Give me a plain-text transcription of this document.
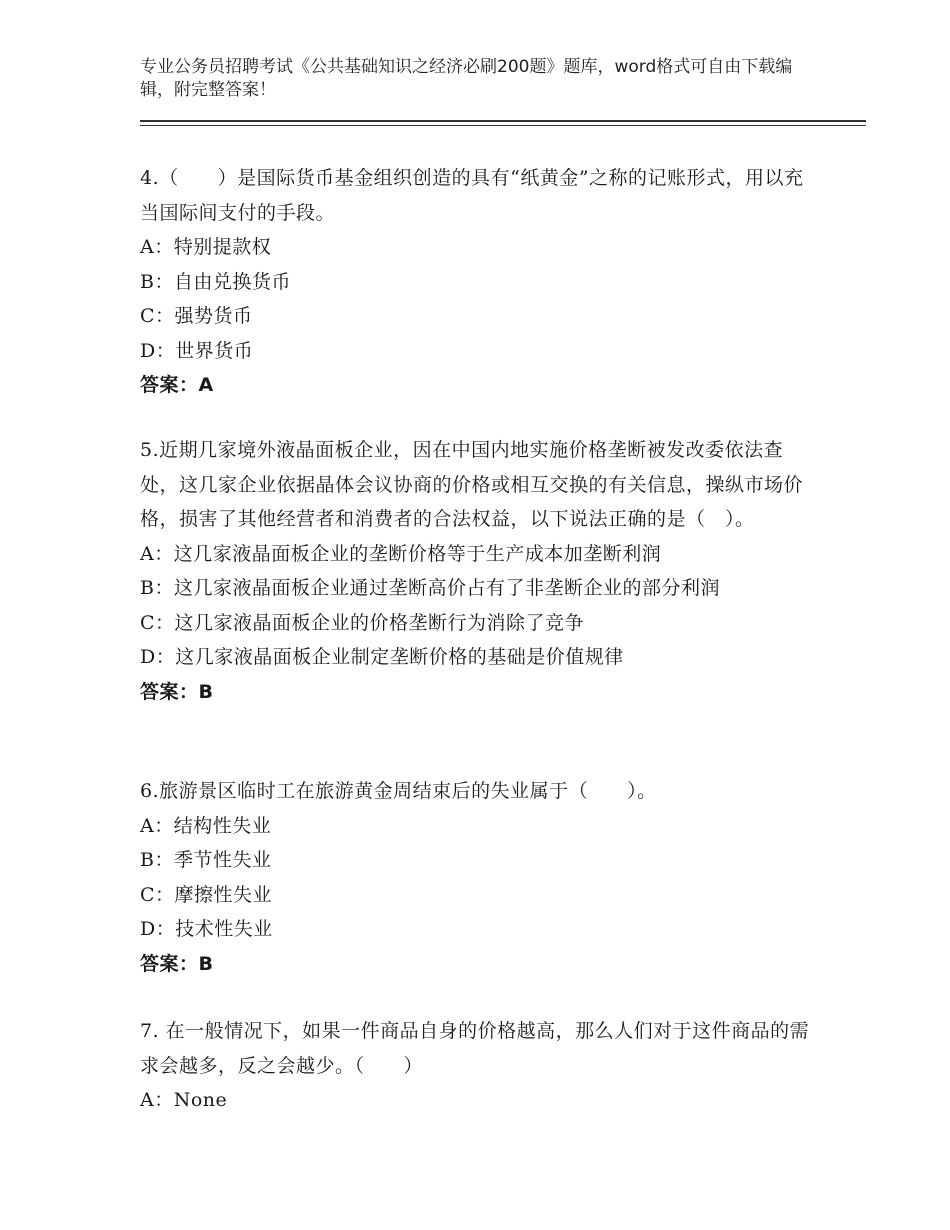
专业公务员招聘考试《公共基础知识之经济必刷200题》题库，word格式可自由下载编辑，附完整答案！
4.（　　）是国际货币基金组织创造的具有“纸黄金”之称的记账形式，用以充当国际间支付的手段。
A：特别提款权
B：自由兑换货币
C：强势货币
D：世界货币
答案：A
5.近期几家境外液晶面板企业，因在中国内地实施价格垄断被发改委依法查处，这几家企业依据晶体会议协商的价格或相互交换的有关信息，操纵市场价格，损害了其他经营者和消费者的合法权益，以下说法正确的是（　）。
A：这几家液晶面板企业的垄断价格等于生产成本加垄断利润
B：这几家液晶面板企业通过垄断高价占有了非垄断企业的部分利润
C：这几家液晶面板企业的价格垄断行为消除了竞争
D：这几家液晶面板企业制定垄断价格的基础是价值规律
答案：B
6.旅游景区临时工在旅游黄金周结束后的失业属于（　　）。
A：结构性失业
B：季节性失业
C：摩擦性失业
D：技术性失业
答案：B
7. 在一般情况下，如果一件商品自身的价格越高，那么人们对于这件商品的需求会越多，反之会越少。（　　）
A：None
